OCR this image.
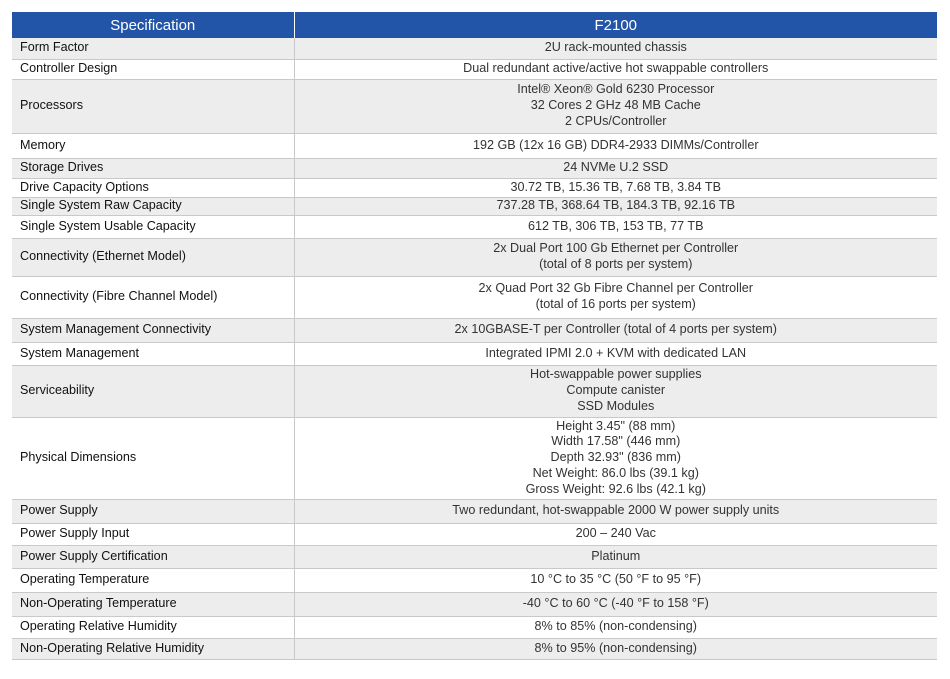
Specification	F2100
Form Factor	2U rack-mounted chassis
Controller Design	Dual redundant active/active hot swappable controllers
Processors	Intel® Xeon® Gold 6230 Processor
32 Cores 2 GHz 48 MB Cache
2 CPUs/Controller
Memory	192 GB (12x 16 GB) DDR4-2933 DIMMs/Controller
Storage Drives	24 NVMe U.2 SSD
Drive Capacity Options	30.72 TB, 15.36 TB, 7.68 TB, 3.84 TB
Single System Raw Capacity	737.28 TB, 368.64 TB, 184.3 TB, 92.16 TB
Single System Usable Capacity	612 TB, 306 TB, 153 TB, 77 TB
Connectivity (Ethernet Model)	2x Dual Port 100 Gb Ethernet per Controller
(total of 8 ports per system)
Connectivity (Fibre Channel Model)	2x Quad Port 32 Gb Fibre Channel per Controller
(total of 16 ports per system)
System Management Connectivity	2x 10GBASE-T per Controller (total of 4 ports per system)
System Management	Integrated IPMI 2.0 + KVM with dedicated LAN
Serviceability	Hot-swappable power supplies
Compute canister
SSD Modules
Physical Dimensions	Height 3.45" (88 mm)
Width 17.58" (446 mm)
Depth 32.93" (836 mm)
Net Weight: 86.0 lbs (39.1 kg)
Gross Weight: 92.6 lbs (42.1 kg)
Power Supply	Two redundant, hot-swappable 2000 W power supply units
Power Supply Input	200 – 240 Vac
Power Supply Certification	Platinum
Operating Temperature	10 °C to 35 °C (50 °F to 95 °F)
Non-Operating Temperature	-40 °C to 60 °C (-40 °F to 158 °F)
Operating Relative Humidity	8% to 85% (non-condensing)
Non-Operating Relative Humidity	8% to 95% (non-condensing)
